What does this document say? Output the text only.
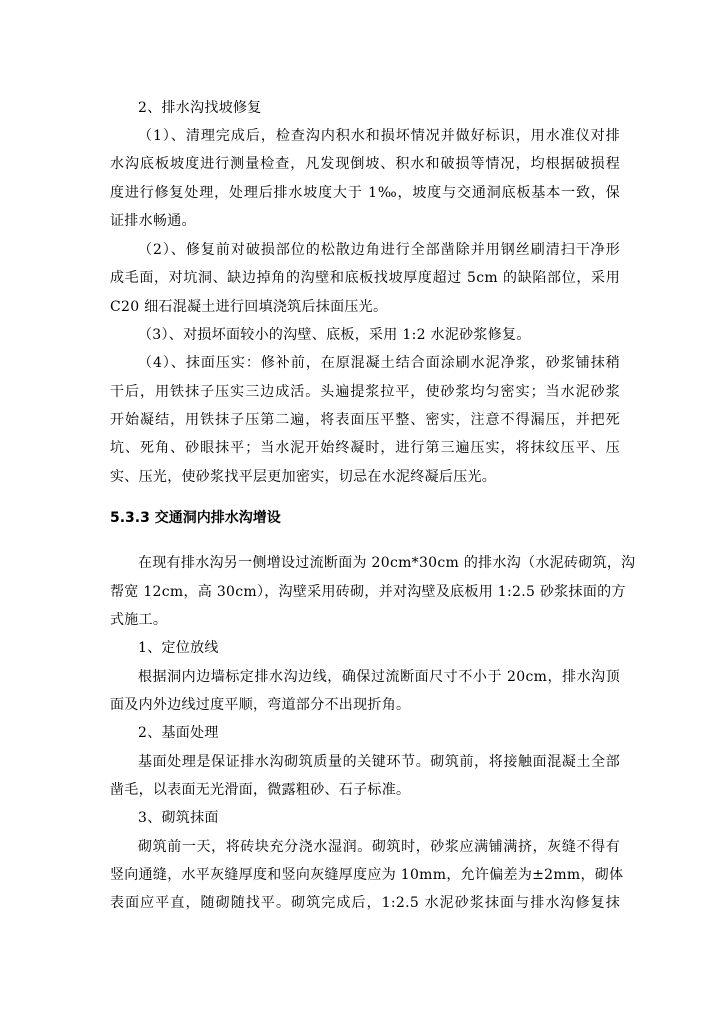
2、排水沟找坡修复
（1）、清理完成后，检查沟内积水和损坏情况并做好标识，用水准仪对排
水沟底板坡度进行测量检查，凡发现倒坡、积水和破损等情况，均根据破损程
度进行修复处理，处理后排水坡度大于 1‰，坡度与交通洞底板基本一致，保
证排水畅通。
（2）、修复前对破损部位的松散边角进行全部凿除并用钢丝刷清扫干净形
成毛面，对坑洞、缺边掉角的沟壁和底板找坡厚度超过 5cm 的缺陷部位，采用
C20 细石混凝土进行回填浇筑后抹面压光。
（3）、对损坏面较小的沟壁、底板，采用 1:2 水泥砂浆修复。
（4）、抹面压实：修补前，在原混凝土结合面涂刷水泥净浆，砂浆铺抹稍
干后，用铁抹子压实三边成活。头遍提浆拉平，使砂浆均匀密实；当水泥砂浆
开始凝结，用铁抹子压第二遍，将表面压平整、密实，注意不得漏压，并把死
坑、死角、砂眼抹平；当水泥开始终凝时，进行第三遍压实，将抹纹压平、压
实、压光，使砂浆找平层更加密实，切忌在水泥终凝后压光。
5.3.3 交通洞内排水沟增设
在现有排水沟另一侧增设过流断面为 20cm*30cm 的排水沟（水泥砖砌筑，沟
帮宽 12cm，高 30cm），沟壁采用砖砌，并对沟壁及底板用 1:2.5 砂浆抹面的方
式施工。
1、定位放线
根据洞内边墙标定排水沟边线，确保过流断面尺寸不小于 20cm，排水沟顶
面及内外边线过度平顺，弯道部分不出现折角。
2、基面处理
基面处理是保证排水沟砌筑质量的关键环节。砌筑前，将接触面混凝土全部
凿毛，以表面无光滑面，微露粗砂、石子标准。
3、砌筑抹面
砌筑前一天，将砖块充分浇水湿润。砌筑时，砂浆应满铺满挤，灰缝不得有
竖向通缝，水平灰缝厚度和竖向灰缝厚度应为 10mm，允许偏差为±2mm，砌体
表面应平直，随砌随找平。砌筑完成后，1:2.5 水泥砂浆抹面与排水沟修复抹
